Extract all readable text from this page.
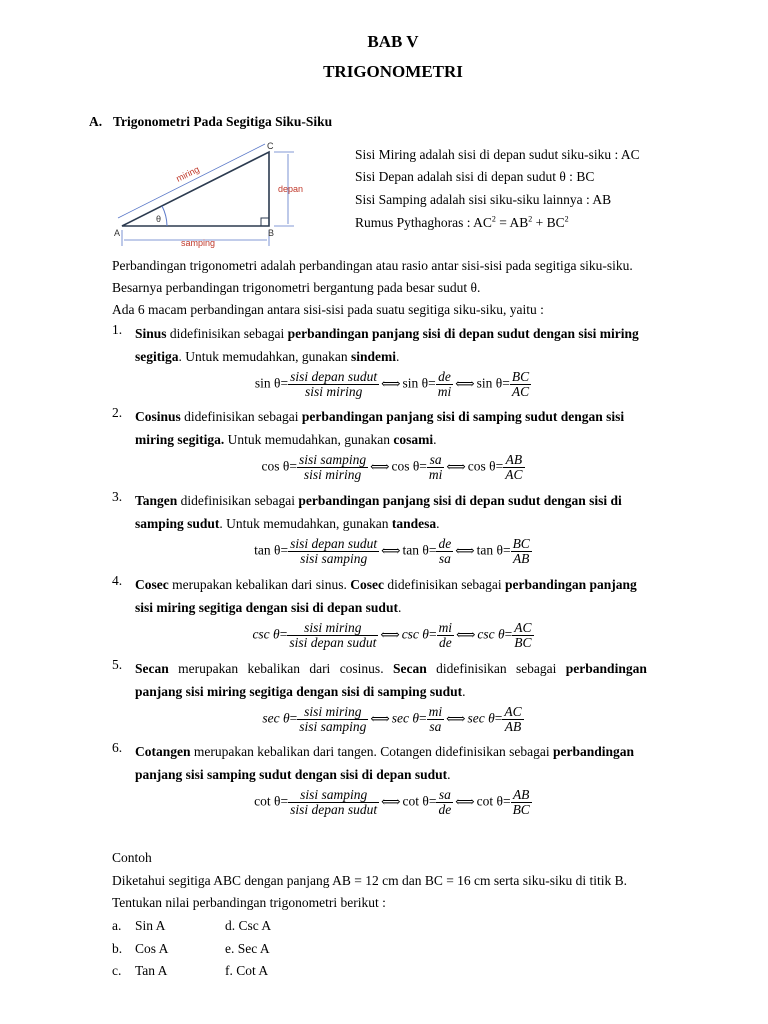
BAB V
TRIGONOMETRI
A. Trigonometri Pada Segitiga Siku-Siku
A	B
C
θ
miring
depan
samping
Sisi Miring adalah sisi di depan sudut siku-siku : AC
Sisi Depan adalah sisi di depan sudut θ : BC
Sisi Samping adalah sisi siku-siku lainnya : AB
Rumus Pythaghoras : $AC^2 = AB^2 + BC^2$
Perbandingan trigonometri adalah perbandingan atau rasio antar sisi-sisi pada segitiga siku-siku.
Besarnya perbandingan trigonometri bergantung pada besar sudut θ.
Ada 6 macam perbandingan antara sisi-sisi pada suatu segitiga siku-siku, yaitu :
1. Sinus didefinisikan sebagai perbandingan panjang sisi di depan sudut dengan sisi miring
segitiga. Untuk memudahkan, gunakan sindemi.
$\sin \theta= \frac{\text{sisi depan sudut}}{\text{sisi miring}}$ ⟺ $\sin \theta= \frac{de}{mi}$ ⟺ $\sin \theta= \frac{BC}{AC}$
2. Cosinus didefinisikan sebagai perbandingan panjang sisi di samping sudut dengan sisi
miring segitiga. Untuk memudahkan, gunakan cosami.
$\cos \theta= \frac{\text{sisi samping}}{\text{sisi miring}}$ ⟺ $\cos \theta= \frac{sa}{mi}$ ⟺ $\cos \theta= \frac{AB}{AC}$
3. Tangen didefinisikan sebagai perbandingan panjang sisi di depan sudut dengan sisi di
samping sudut. Untuk memudahkan, gunakan tandesa.
$\tan \theta= \frac{\text{sisi depan sudut}}{\text{sisi samping}}$ ⟺ $\tan \theta= \frac{de}{sa}$ ⟺ $\tan \theta= \frac{BC}{AB}$
4. Cosec merupakan kebalikan dari sinus. Cosec didefinisikan sebagai perbandingan panjang
sisi miring segitiga dengan sisi di depan sudut.
$\csc \theta= \frac{\text{sisi miring}}{\text{sisi depan sudut}}$ ⟺ $\csc \theta= \frac{mi}{de}$ ⟺ $\csc \theta= \frac{AC}{BC}$
5. Secan merupakan kebalikan dari cosinus. Secan didefinisikan sebagai perbandingan
panjang sisi miring segitiga dengan sisi di samping sudut.
$\sec \theta= \frac{\text{sisi miring}}{\text{sisi samping}}$ ⟺ $\sec \theta= \frac{mi}{sa}$ ⟺ $\sec \theta= \frac{AC}{AB}$
6. Cotangen merupakan kebalikan dari tangen. Cotangen didefinisikan sebagai perbandingan
panjang sisi samping sudut dengan sisi di depan sudut.
$\cot \theta= \frac{\text{sisi samping}}{\text{sisi depan sudut}}$ ⟺ $\cot \theta= \frac{sa}{de}$ ⟺ $\cot \theta= \frac{AB}{BC}$
Contoh
Diketahui segitiga ABC dengan panjang AB = 12 cm dan BC = 16 cm serta siku-siku di titik B.
Tentukan nilai perbandingan trigonometri berikut :
a. Sin A	d. Csc A
b. Cos A	e. Sec A
c. Tan A	f. Cot A
